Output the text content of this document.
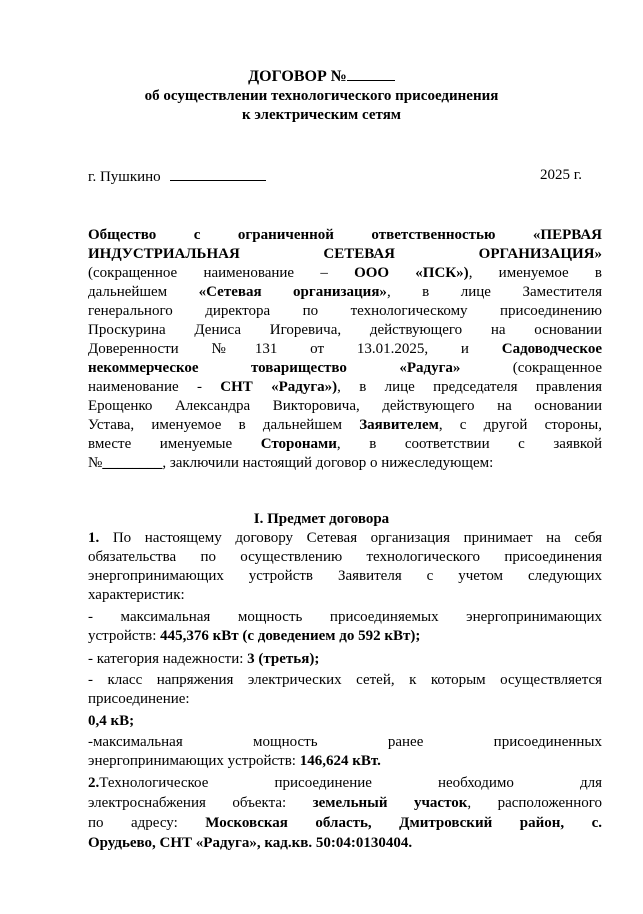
ДОГОВОР №
об осуществлении технологического присоединения
к электрическим сетям
г. Пушкино	2025 г.
Общество с ограниченной ответственностью «ПЕРВАЯ
ИНДУСТРИАЛЬНАЯ СЕТЕВАЯ ОРГАНИЗАЦИЯ»
(сокращенное наименование – ООО «ПСК»), именуемое в
дальнейшем «Сетевая организация», в лице Заместителя
генерального директора по технологическому присоединению
Проскурина Дениса Игоревича, действующего на основании
Доверенности №131 от 13.01.2025, и Садоводческое
некоммерческое товарищество «Радуга» (сокращенное
наименование - СНТ «Радуга»), в лице председателя правления
Ерощенко Александра Викторовича, действующего на основании
Устава, именуемое в дальнейшем Заявителем, с другой стороны,
вместе именуемые Сторонами, в соответствии с заявкой
№________, заключили настоящий договор о нижеследующем:
I. Предмет договора
1. По настоящему договору Сетевая организация принимает на себя
обязательства по осуществлению технологического присоединения
энергопринимающих устройств Заявителя с учетом следующих
характеристик:
- максимальная мощность присоединяемых энергопринимающих
устройств: 445,376 кВт (с доведением до 592 кВт);
- категория надежности: 3 (третья);
- класс напряжения электрических сетей, к которым осуществляется
присоединение:
0,4 кВ;
-максимальная мощность ранее присоединенных
энергопринимающих устройств: 146,624 кВт.
2.Технологическое присоединение необходимо для
электроснабжения объекта: земельный участок, расположенного
по адресу: Московская область, Дмитровский район, с.
Орудьево, СНТ «Радуга», кад.кв. 50:04:0130404.
